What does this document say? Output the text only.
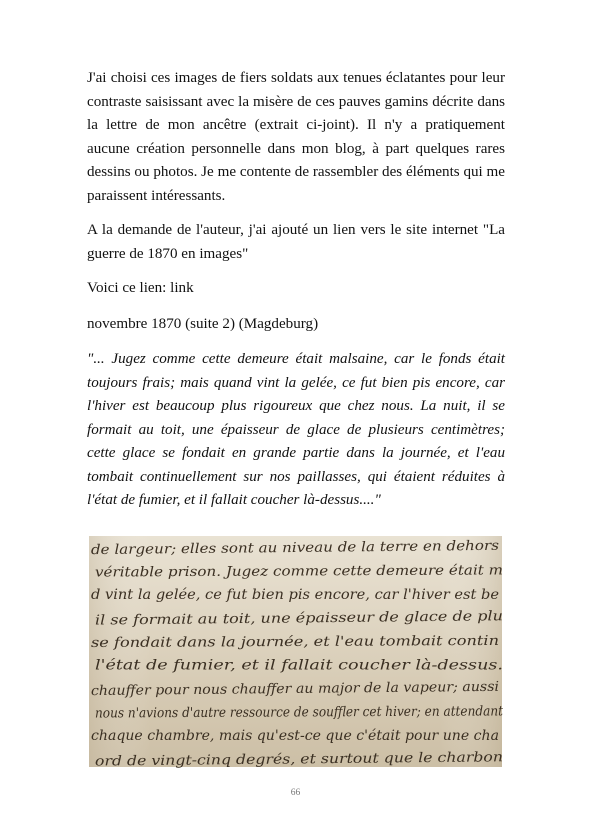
J'ai choisi ces images de fiers soldats aux tenues éclatantes pour leur contraste saisissant avec la misère de ces pauves gamins décrite dans la lettre de mon ancêtre (extrait ci-joint). Il n'y a pratiquement aucune création personnelle dans mon blog, à part quelques rares dessins ou photos. Je me contente de rassembler des éléments qui me paraissent intéressants.

A la demande de l'auteur, j'ai ajouté un lien vers le site internet "La guerre de 1870 en images"

Voici ce lien: link

novembre 1870 (suite 2) (Magdeburg)

"... Jugez comme cette demeure était malsaine, car le fonds était toujours frais; mais quand vint la gelée, ce fut bien pis encore, car l'hiver est beaucoup plus rigoureux que chez nous. La nuit, il se formait au toit, une épaisseur de glace de plusieurs centimètres; cette glace se fondait en grande partie dans la journée, et l'eau tombait continuellement sur nos paillasses, qui étaient réduites à l'état de fumier, et il fallait coucher là-dessus...."

de largeur; elles sont au niveau de la terre en dehors
véritable prison. Jugez comme cette demeure était m
d vint la gelée, ce fut bien pis encore, car l'hiver est be
il se formait au toit, une épaisseur de glace de plu
se fondait dans la journée, et l'eau tombait contin
l'état de fumier, et il fallait coucher là-dessus.
chauffer pour nous chauffer au major de la vapeur; aussi
nous n'avions d'autre ressource de souffler cet hiver; en attendant
chaque chambre, mais qu'est-ce que c'était pour une cha
ord de vingt-cinq degrés, et surtout que le charbon
66
